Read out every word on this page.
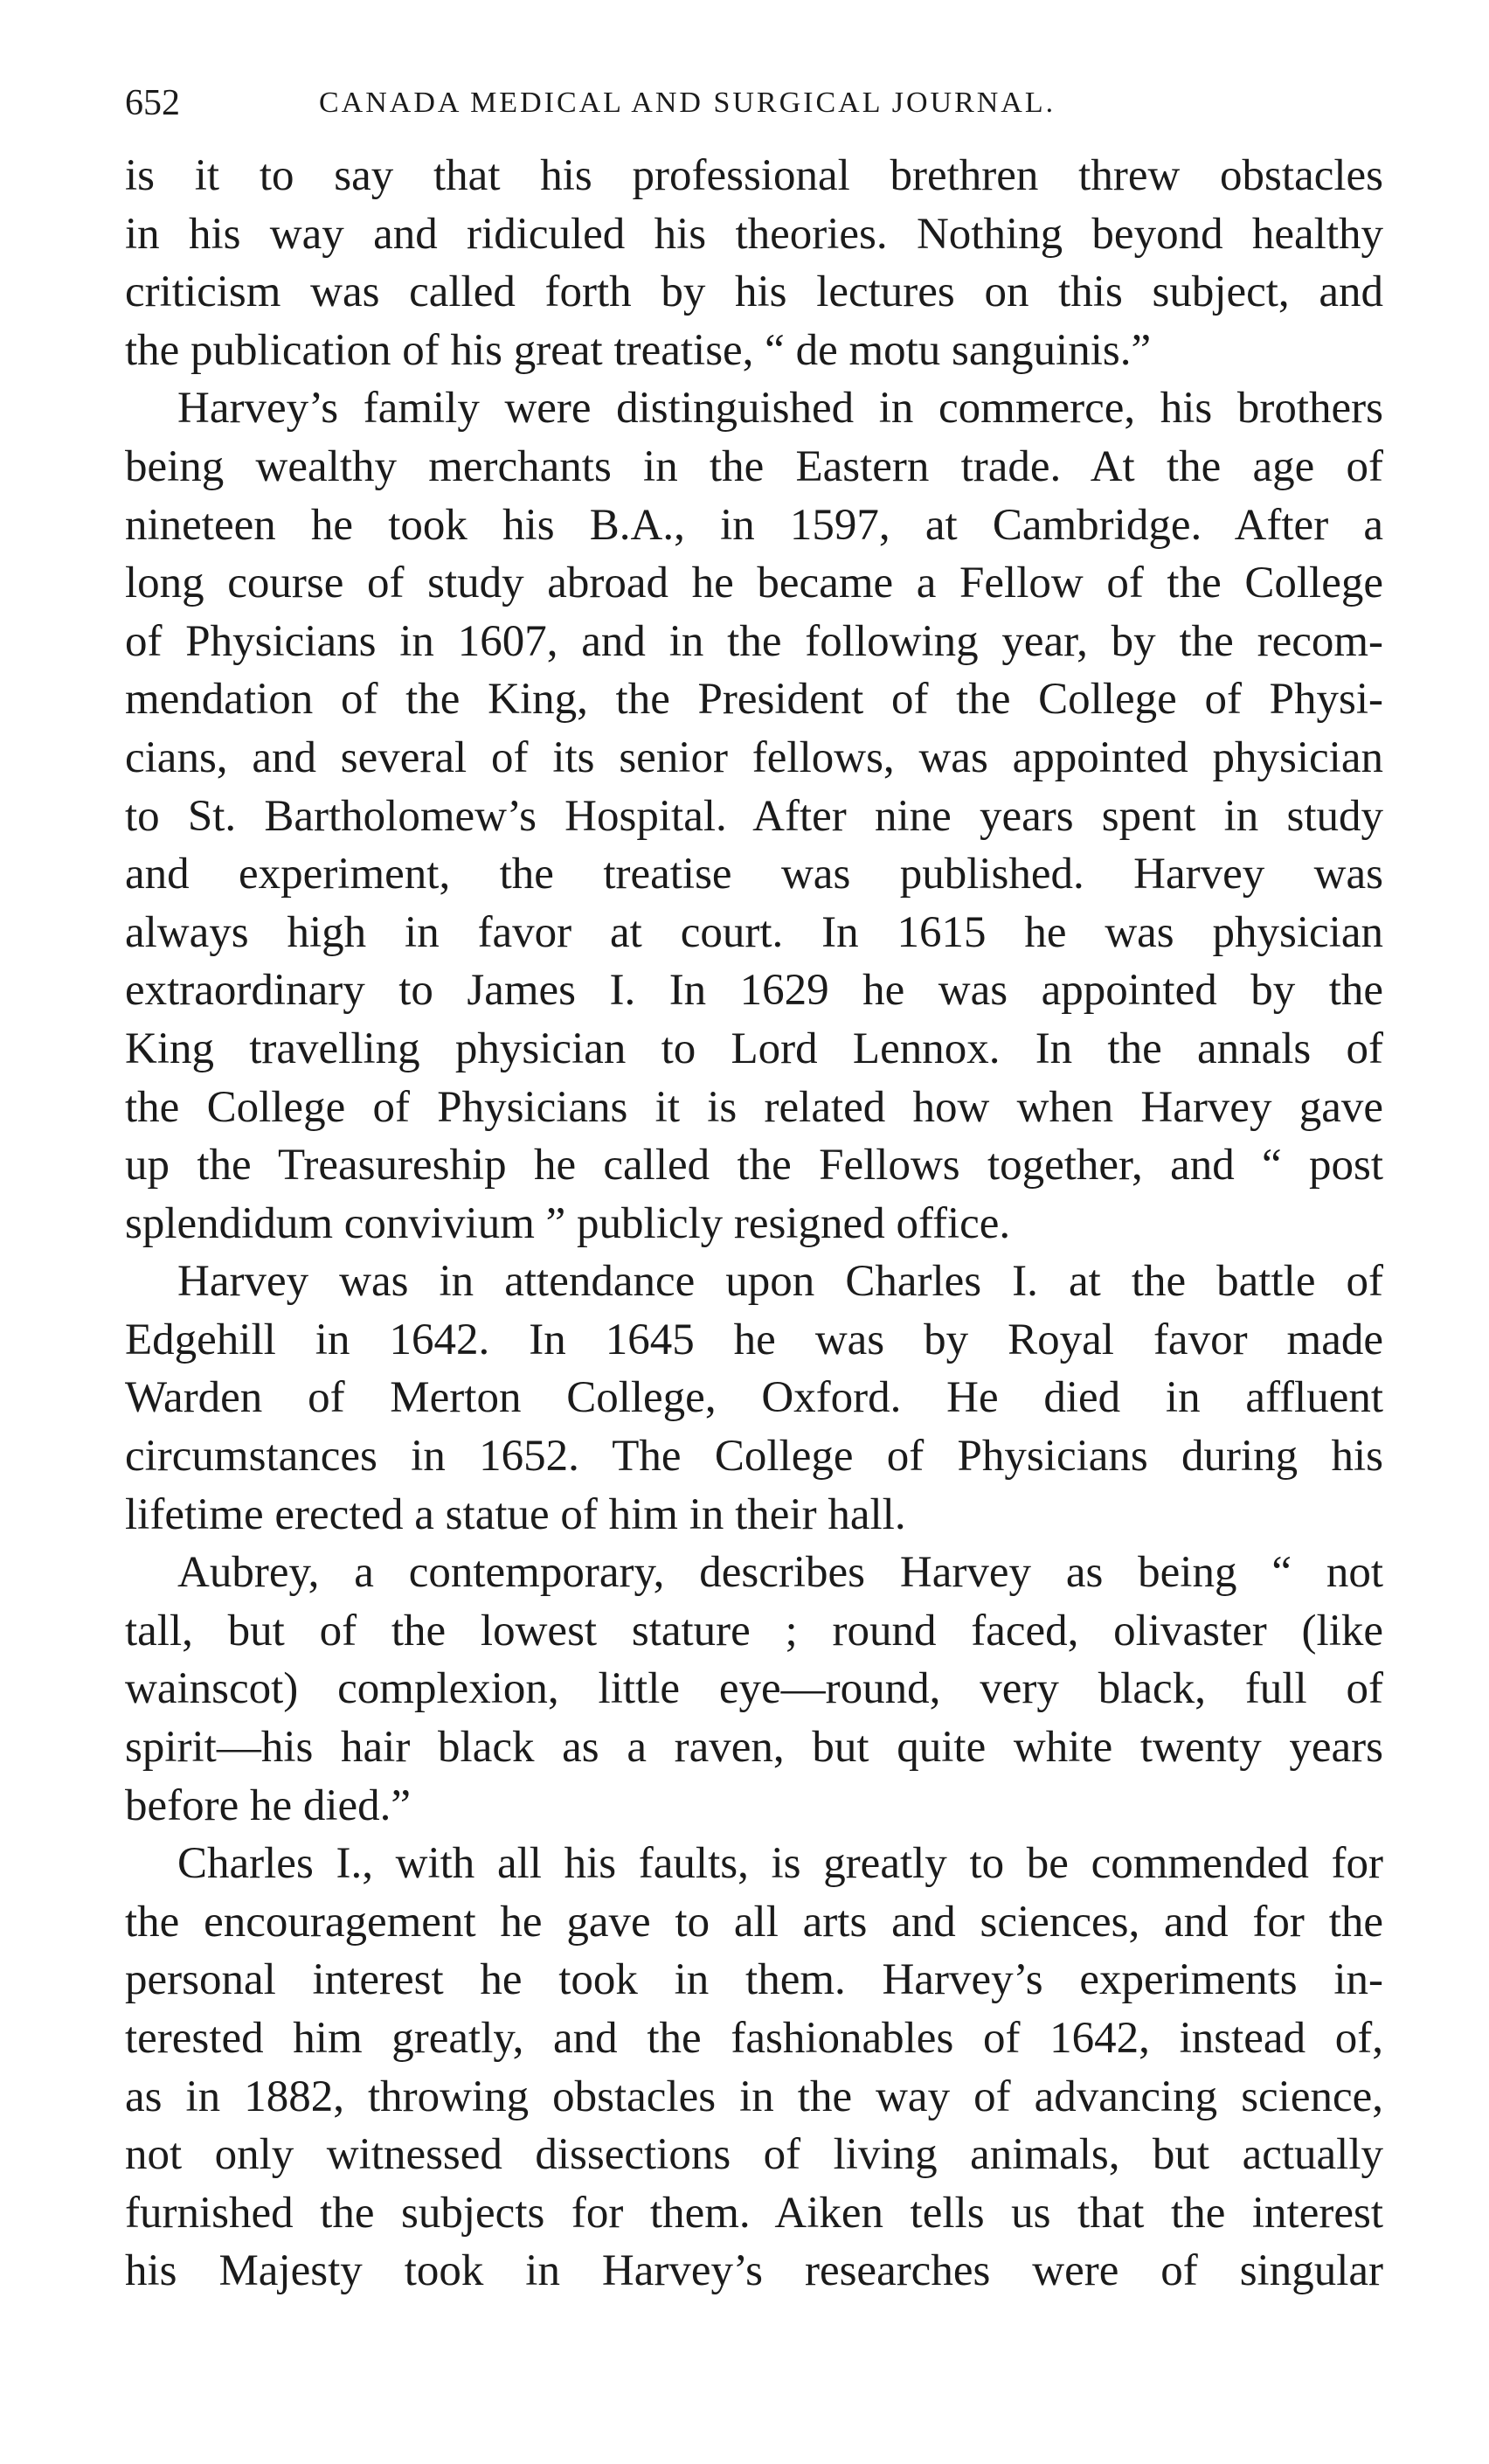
652	CANADA MEDICAL AND SURGICAL JOURNAL.
is it to say that his professional brethren threw obstacles
in his way and ridiculed his theories. Nothing beyond healthy
criticism was called forth by his lectures on this subject, and
the publication of his great treatise, “ de motu sanguinis.”
Harvey’s family were distinguished in commerce, his brothers
being wealthy merchants in the Eastern trade. At the age of
nineteen he took his B.A., in 1597, at Cambridge. After a
long course of study abroad he became a Fellow of the College
of Physicians in 1607, and in the following year, by the recom-
mendation of the King, the President of the College of Physi-
cians, and several of its senior fellows, was appointed physician
to St. Bartholomew’s Hospital. After nine years spent in study
and experiment, the treatise was published. Harvey was
always high in favor at court. In 1615 he was physician
extraordinary to James I. In 1629 he was appointed by the
King travelling physician to Lord Lennox. In the annals of
the College of Physicians it is related how when Harvey gave
up the Treasureship he called the Fellows together, and “ post
splendidum convivium ” publicly resigned office.
Harvey was in attendance upon Charles I. at the battle of
Edgehill in 1642. In 1645 he was by Royal favor made
Warden of Merton College, Oxford. He died in affluent
circumstances in 1652. The College of Physicians during his
lifetime erected a statue of him in their hall.
Aubrey, a contemporary, describes Harvey as being “ not
tall, but of the lowest stature ; round faced, olivaster (like
wainscot) complexion, little eye—round, very black, full of
spirit—his hair black as a raven, but quite white twenty years
before he died.”
Charles I., with all his faults, is greatly to be commended for
the encouragement he gave to all arts and sciences, and for the
personal interest he took in them. Harvey’s experiments in-
terested him greatly, and the fashionables of 1642, instead of,
as in 1882, throwing obstacles in the way of advancing science,
not only witnessed dissections of living animals, but actually
furnished the subjects for them. Aiken tells us that the interest
his Majesty took in Harvey’s researches were of singular
